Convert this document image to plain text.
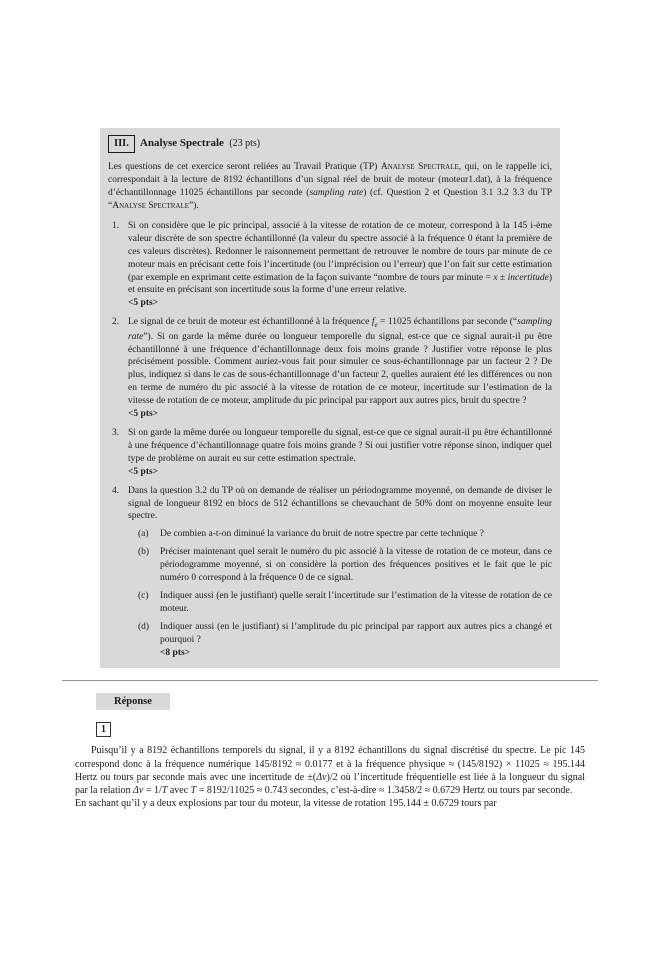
III. Analyse Spectrale (23 pts)

Les questions de cet exercice seront reliées au Travail Pratique (TP) Analyse Spectrale, qui, on le rappelle ici, correspondait à la lecture de 8192 échantillons d’un signal réel de bruit de moteur (moteur1.dat), à la fréquence d’échantillonnage 11025 échantillons par seconde (sampling rate) (cf. Question 2 et Question 3.1 3.2 3.3 du TP “Analyse Spectrale”).

1. Si on considère que le pic principal, associé à la vitesse de rotation de ce moteur, correspond à la 145 i-ème valeur discrète de son spectre échantillonné (la valeur du spectre associé à la fréquence 0 étant la première de ces valeurs discrètes). Redonner le raisonnement permettant de retrouver le nombre de tours par minute de ce moteur mais en précisant cette fois l’incertitude (ou l’imprécision ou l’erreur) que l’on fait sur cette estimation (par exemple en exprimant cette estimation de la façon suivante “nombre de tours par minute = x ± incertitude) et ensuite en précisant son incertitude sous la forme d’une erreur relative.
<5 pts>
2. Le signal de ce bruit de moteur est échantillonné à la fréquence $f_e = 11025$ échantillons par seconde (“sampling rate”). Si on garde la même durée ou longueur temporelle du signal, est-ce que ce signal aurait-il pu être échantillonné à une fréquence d’échantillonnage deux fois moins grande ? Justifier votre réponse le plus précisément possible. Comment auriez-vous fait pour simuler ce sous-échantillonnage par un facteur 2 ? De plus, indiquez si dans le cas de sous-échantillonnage d’un facteur 2, quelles auraient été les différences ou non en terme de numéro du pic associé à la vitesse de rotation de ce moteur, incertitude sur l’estimation de la vitesse de rotation de ce moteur, amplitude du pic principal par rapport aux autres pics, bruit du spectre ?
<5 pts>
3. Si on garde la même durée ou longueur temporelle du signal, est-ce que ce signal aurait-il pu être échantillonné à une fréquence d’échantillonnage quatre fois moins grande ? Si oui justifier votre réponse sinon, indiquer quel type de problème on aurait eu sur cette estimation spectrale.
<5 pts>
4. Dans la question 3.2 du TP où on demande de réaliser un périodogramme moyenné, on demande de diviser le signal de longueur 8192 en blocs de 512 échantillons se chevauchant de 50% dont on moyenne ensuite leur spectre.
(a)	De combien a-t-on diminué la variance du bruit de notre spectre par cette technique ?
(b)	Préciser maintenant quel serait le numéro du pic associé à la vitesse de rotation de ce moteur, dans ce périodogramme moyenné, si on considère la portion des fréquences positives et le fait que le pic numéro 0 correspond à la fréquence 0 de ce signal.
(c)	Indiquer aussi (en le justifiant) quelle serait l’incertitude sur l’estimation de la vitesse de rotation de ce moteur.
(d)	Indiquer aussi (en le justifiant) si l’amplitude du pic principal par rapport aux autres pics a changé et pourquoi ?
<8 pts>
Réponse
1

Puisqu’il y a 8192 échantillons temporels du signal, il y a 8192 échantillons du signal discrétisé du spectre. Le pic 145 correspond donc à la fréquence numérique 145/8192 ≈ 0.0177 et à la fréquence physique ≈ (145/8192) × 11025 ≈ 195.144 Hertz ou tours par seconde mais avec une incertitude de ±(Δν)/2 où l’incertitude fréquentielle est liée à la longueur du signal par la relation Δν = 1/T avec T = 8192/11025 ≈ 0.743 secondes, c’est-à-dire ≈ 1.3458/2 ≈ 0.6729 Hertz ou tours par seconde.

En sachant qu’il y a deux explosions par tour du moteur, la vitesse de rotation 195.144 ± 0.6729 tours par
